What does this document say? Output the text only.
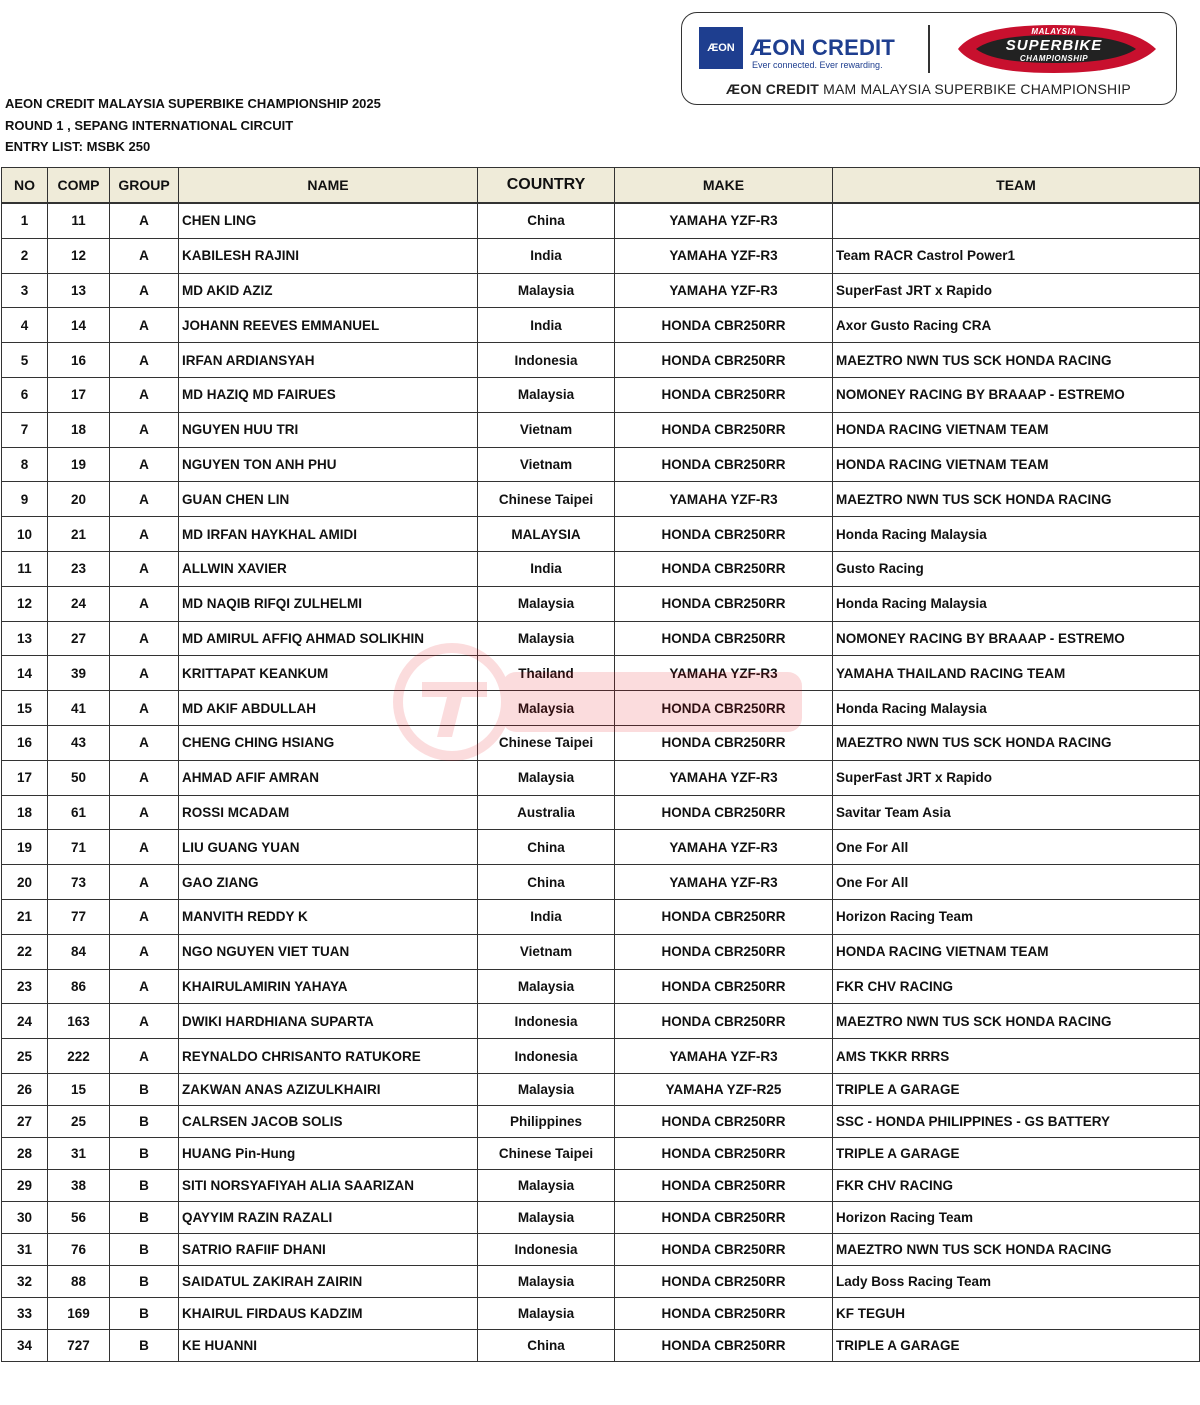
AEON CREDIT MALAYSIA SUPERBIKE CHAMPIONSHIP 2025
ROUND 1 , SEPANG INTERNATIONAL CIRCUIT
ENTRY LIST: MSBK 250
ÆON ÆON CREDIT
Ever connected. Ever rewarding.
MALAYSIA
SUPERBIKE
CHAMPIONSHIP
ÆON CREDIT MAM MALAYSIA SUPERBIKE CHAMPIONSHIP
NO	COMP	GROUP	NAME	COUNTRY	MAKE	TEAM
1	11	A	CHEN LING	China	YAMAHA YZF-R3	
2	12	A	KABILESH RAJINI	India	YAMAHA YZF-R3	Team RACR Castrol Power1
3	13	A	MD AKID AZIZ	Malaysia	YAMAHA YZF-R3	SuperFast JRT x Rapido
4	14	A	JOHANN REEVES EMMANUEL	India	HONDA CBR250RR	Axor Gusto Racing CRA
5	16	A	IRFAN ARDIANSYAH	Indonesia	HONDA CBR250RR	MAEZTRO NWN TUS SCK HONDA RACING
6	17	A	MD HAZIQ MD FAIRUES	Malaysia	HONDA CBR250RR	NOMONEY RACING BY BRAAAP - ESTREMO
7	18	A	NGUYEN HUU TRI	Vietnam	HONDA CBR250RR	HONDA RACING VIETNAM TEAM
8	19	A	NGUYEN TON ANH PHU	Vietnam	HONDA CBR250RR	HONDA RACING VIETNAM TEAM
9	20	A	GUAN CHEN LIN	Chinese Taipei	YAMAHA YZF-R3	MAEZTRO NWN TUS SCK HONDA RACING
10	21	A	MD IRFAN HAYKHAL AMIDI	MALAYSIA	HONDA CBR250RR	Honda Racing Malaysia
11	23	A	ALLWIN XAVIER	India	HONDA CBR250RR	Gusto Racing
12	24	A	MD NAQIB RIFQI ZULHELMI	Malaysia	HONDA CBR250RR	Honda Racing Malaysia
13	27	A	MD AMIRUL AFFIQ AHMAD SOLIKHIN	Malaysia	HONDA CBR250RR	NOMONEY RACING BY BRAAAP - ESTREMO
14	39	A	KRITTAPAT KEANKUM	Thailand	YAMAHA YZF-R3	YAMAHA THAILAND RACING TEAM
15	41	A	MD AKIF ABDULLAH	Malaysia	HONDA CBR250RR	Honda Racing Malaysia
16	43	A	CHENG CHING HSIANG	Chinese Taipei	HONDA CBR250RR	MAEZTRO NWN TUS SCK HONDA RACING
17	50	A	AHMAD AFIF AMRAN	Malaysia	YAMAHA YZF-R3	SuperFast JRT x Rapido
18	61	A	ROSSI MCADAM	Australia	HONDA CBR250RR	Savitar Team Asia
19	71	A	LIU GUANG YUAN	China	YAMAHA YZF-R3	One For All
20	73	A	GAO ZIANG	China	YAMAHA YZF-R3	One For All
21	77	A	MANVITH REDDY K	India	HONDA CBR250RR	Horizon Racing Team
22	84	A	NGO NGUYEN VIET TUAN	Vietnam	HONDA CBR250RR	HONDA RACING VIETNAM TEAM
23	86	A	KHAIRULAMIRIN YAHAYA	Malaysia	HONDA CBR250RR	FKR CHV RACING
24	163	A	DWIKI HARDHIANA SUPARTA	Indonesia	HONDA CBR250RR	MAEZTRO NWN TUS SCK HONDA RACING
25	222	A	REYNALDO CHRISANTO RATUKORE	Indonesia	YAMAHA YZF-R3	AMS TKKR RRRS
26	15	B	ZAKWAN ANAS AZIZULKHAIRI	Malaysia	YAMAHA YZF-R25	TRIPLE A GARAGE
27	25	B	CALRSEN JACOB SOLIS	Philippines	HONDA CBR250RR	SSC - HONDA PHILIPPINES - GS BATTERY
28	31	B	HUANG Pin-Hung	Chinese Taipei	HONDA CBR250RR	TRIPLE A GARAGE
29	38	B	SITI NORSYAFIYAH ALIA SAARIZAN	Malaysia	HONDA CBR250RR	FKR CHV RACING
30	56	B	QAYYIM RAZIN RAZALI	Malaysia	HONDA CBR250RR	Horizon Racing Team
31	76	B	SATRIO RAFIIF DHANI	Indonesia	HONDA CBR250RR	MAEZTRO NWN TUS SCK HONDA RACING
32	88	B	SAIDATUL ZAKIRAH ZAIRIN	Malaysia	HONDA CBR250RR	Lady Boss Racing Team
33	169	B	KHAIRUL FIRDAUS KADZIM	Malaysia	HONDA CBR250RR	KF TEGUH
34	727	B	KE HUANNI	China	HONDA CBR250RR	TRIPLE A GARAGE
